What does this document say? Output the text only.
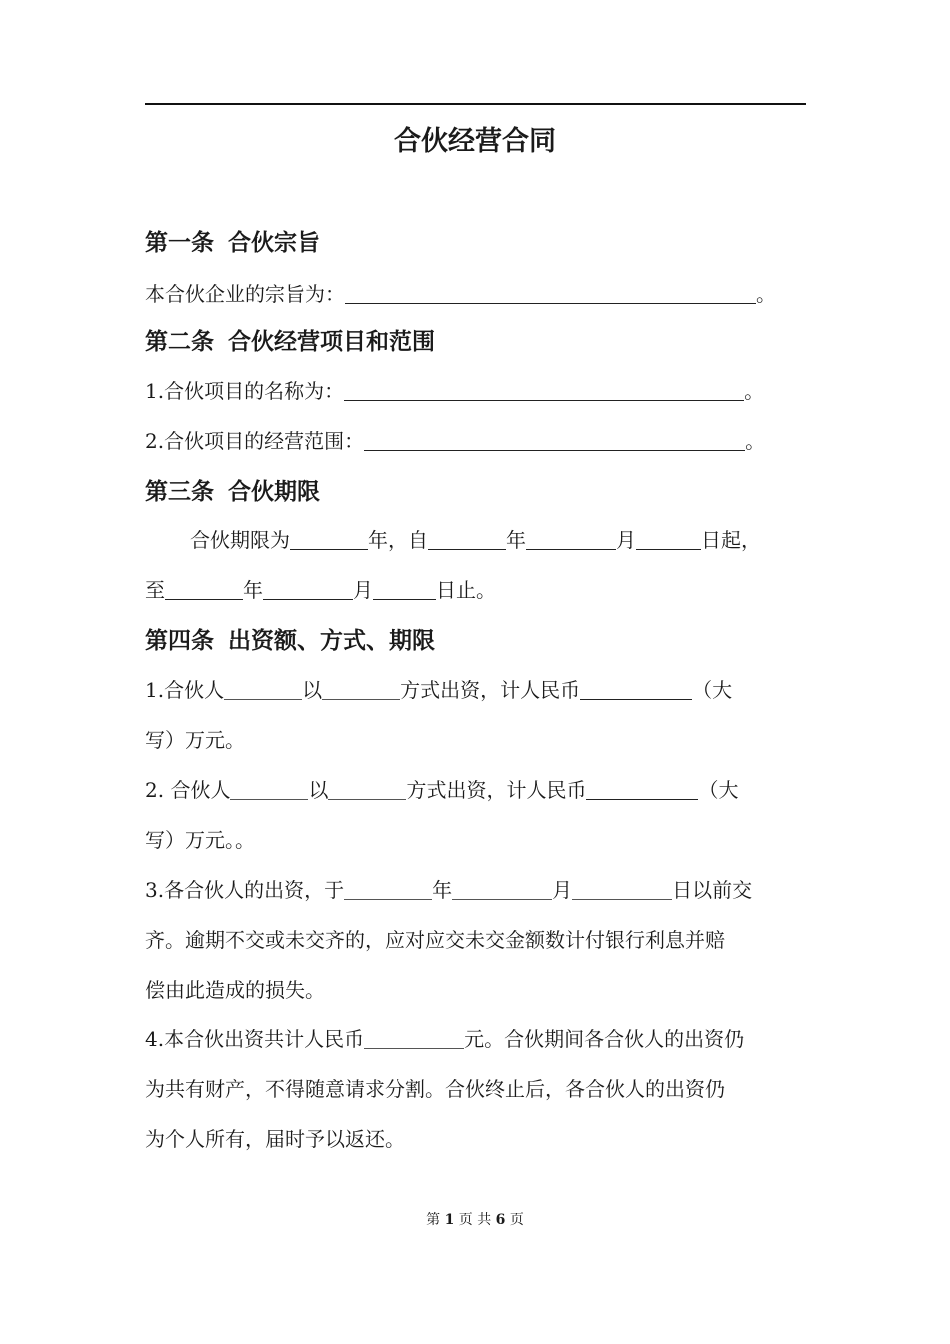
合伙经营合同
第一条 合伙宗旨
本合伙企业的宗旨为：	。
第二条 合伙经营项目和范围
1.合伙项目的名称为：	。
2.合伙项目的经营范围：	。
第三条 合伙期限
合伙期限为	年，自	年	月	日起，
至	年	月	日止。
第四条 出资额、方式、期限
1.合伙人	以	方式出资，计人民币	（大
写）万元。
2. 合伙人	以	方式出资，计人民币	（大
写）万元。。
3.各合伙人的出资，于	年	月	日以前交
齐。逾期不交或未交齐的，应对应交未交金额数计付银行利息并赔
偿由此造成的损失。
4.本合伙出资共计人民币	元。合伙期间各合伙人的出资仍
为共有财产，不得随意请求分割。合伙终止后，各合伙人的出资仍
为个人所有，届时予以返还。
第 1 页 共 6 页
